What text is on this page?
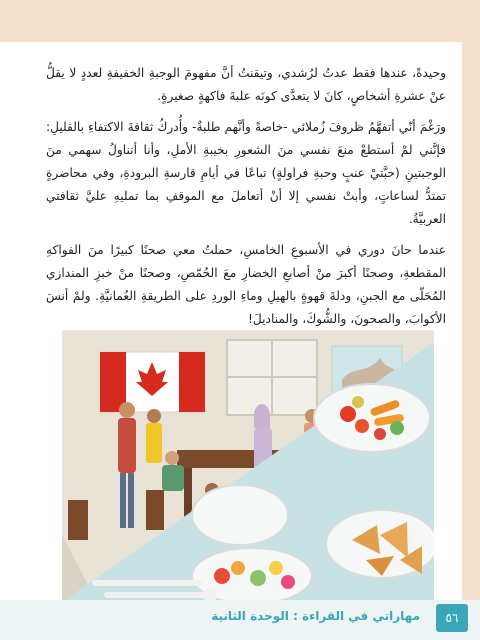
وحيدةً، عندها فقط عدتُ لرُشدي، وتيقنتُ أنَّ مفهومَ الوجبةِ الخفيفةِ لعددٍ لا يقلُّ عنْ عشرةِ أشخاصٍ، كانَ لا يتعدَّى كونَه علبةَ فاكهةٍ صغيرةٍ.

ورَغْمَ أنّي أتفهَّمُ ظروفَ زُملائي -خاصةً وأنَّهم طلبةٌ- وأُدركُ ثقافةَ الاكتفاءِ بالقليلِ: فإنَّني لمْ أستطعْ منعَ نفسي منَ الشعورِ بخيبةِ الأملِ، وأنا أتناولُ سهمي منَ الوجبتينِ (حبَّتيْ عنبٍ وحبةِ فراولةٍ) تباعًا في أيامِ قارسةِ البرودةِ، وفي محاضرةٍ تمتدُّ لساعاتٍ، وأبتْ نفسي إلا أنْ أتعاملَ مع الموقفِ بما تمليهِ عليَّ ثقافتي العربيَّةُ.

عندما حانَ دوري في الأسبوعِ الخامسِ، حملتُ معي صحنًا كبيرًا منَ الفواكهِ المقطعةِ، وصحنًا أكبرَ منْ أصابعِ الخضارِ معَ الحُمّصِ، وصحنًا منْ خبزِ المندازي المُحَلّى مع الجبنِ، ودلةَ قهوةٍ بالهيلِ وماءِ الوردِ على الطريقةِ العُمانيَّةِ. ولمْ أنسَ الأكوابَ، والصحونَ، والشُّوكَ، والمناديلَ!

مهاراتي في القراءة : الوحدة الثانية	٥٦
